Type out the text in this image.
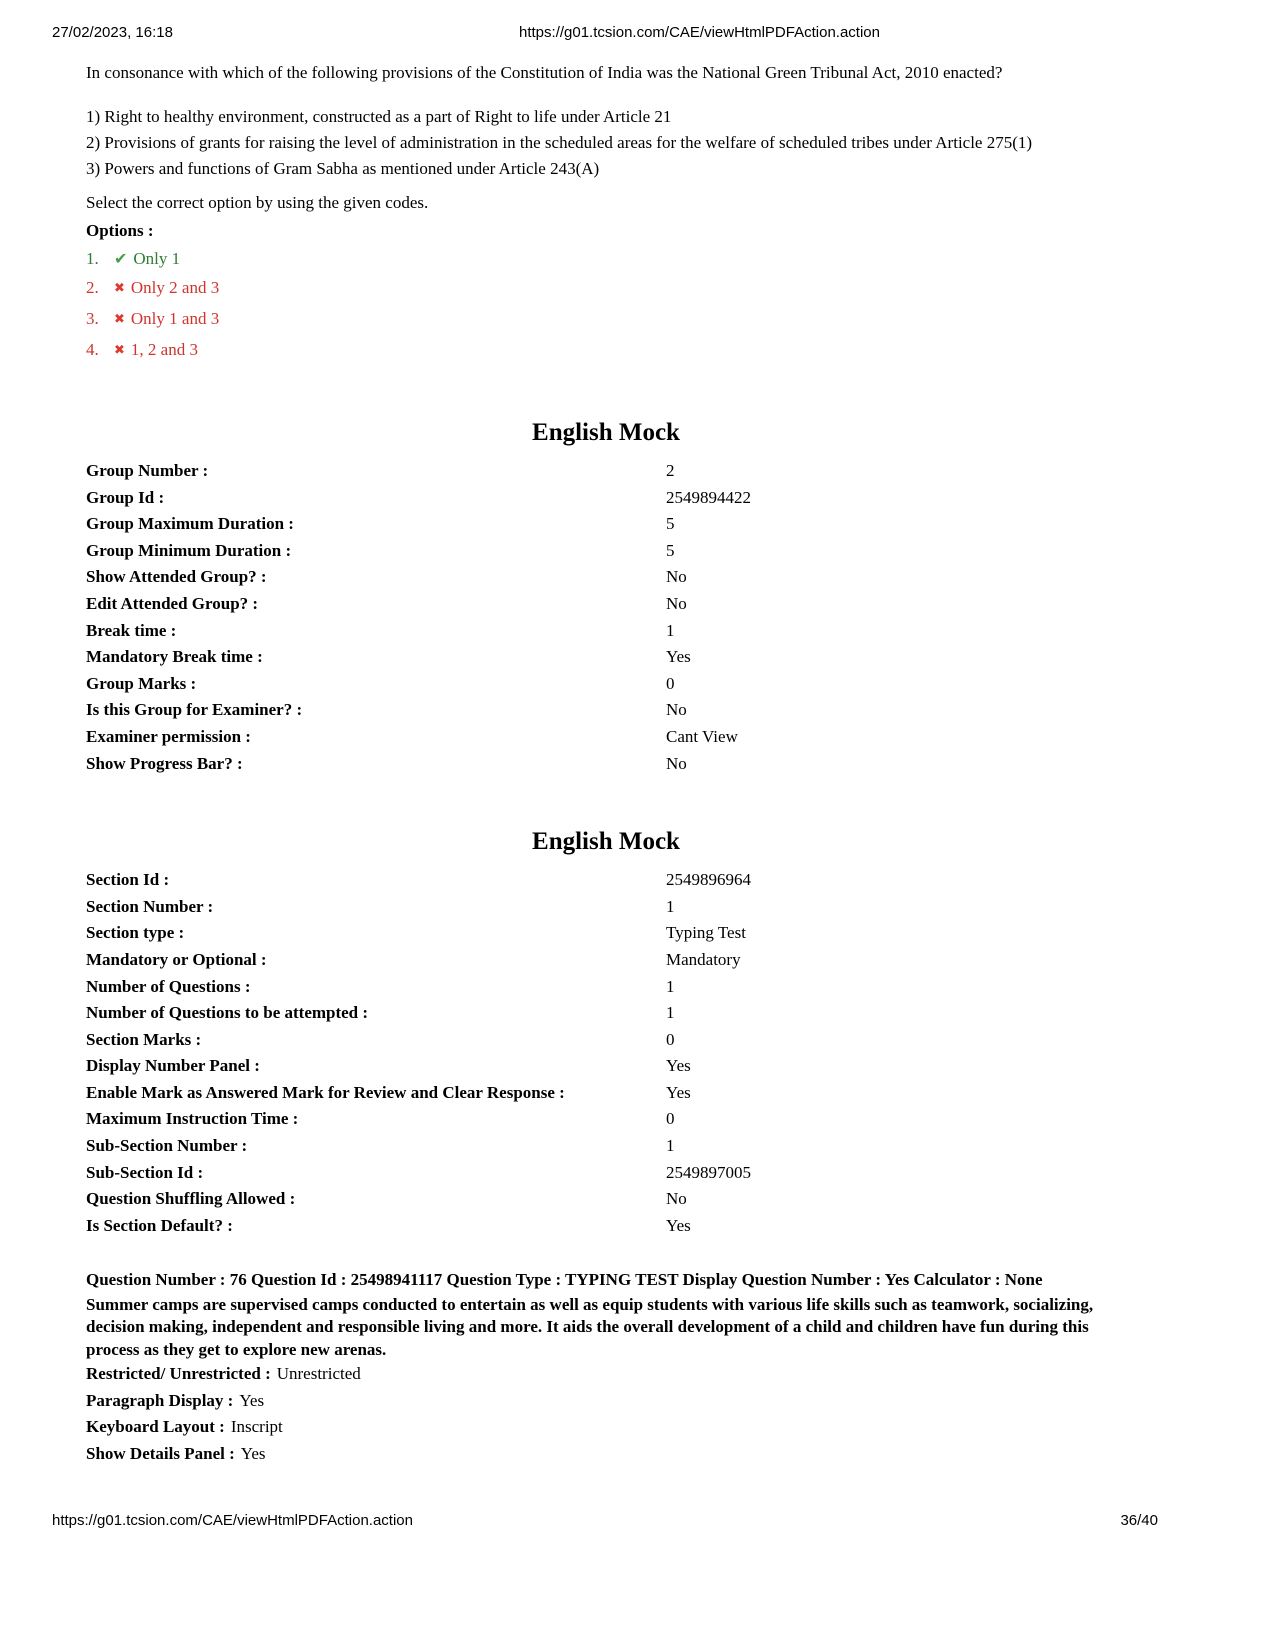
27/02/2023, 16:18	https://g01.tcsion.com/CAE/viewHtmlPDFAction.action

In consonance with which of the following provisions of the Constitution of India was the National Green Tribunal Act, 2010 enacted?

1) Right to healthy environment, constructed as a part of Right to life under Article 21
2) Provisions of grants for raising the level of administration in the scheduled areas for the welfare of scheduled tribes under Article 275(1)
3) Powers and functions of Gram Sabha as mentioned under Article 243(A)

Select the correct option by using the given codes.

Options :

1. ✔ Only 1
2.	✖ Only 2 and 3
3.	✖ Only 1 and 3
4.	✖ 1, 2 and 3
English Mock
Group Number :	2
Group Id :	2549894422
Group Maximum Duration :	5
Group Minimum Duration :	5
Show Attended Group? :	No
Edit Attended Group? :	No
Break time :	1
Mandatory Break time :	Yes
Group Marks :	0
Is this Group for Examiner? :	No
Examiner permission :	Cant View
Show Progress Bar? :	No
English Mock
Section Id :	2549896964
Section Number :	1
Section type :	Typing Test
Mandatory or Optional :	Mandatory
Number of Questions :	1
Number of Questions to be attempted :	1
Section Marks :	0
Display Number Panel :	Yes
Enable Mark as Answered Mark for Review and Clear Response :	Yes
Maximum Instruction Time :	0
Sub-Section Number :	1
Sub-Section Id :	2549897005
Question Shuffling Allowed :	No
Is Section Default? :	Yes

Question Number : 76 Question Id : 25498941117 Question Type : TYPING TEST Display Question Number : Yes Calculator : None

Summer camps are supervised camps conducted to entertain as well as equip students with various life skills such as teamwork, socializing, decision making, independent and responsible living and more. It aids the overall development of a child and children have fun during this process as they get to explore new arenas.

Restricted/ Unrestricted : Unrestricted
Paragraph Display : Yes
Keyboard Layout : Inscript
Show Details Panel : Yes
https://g01.tcsion.com/CAE/viewHtmlPDFAction.action	36/40
